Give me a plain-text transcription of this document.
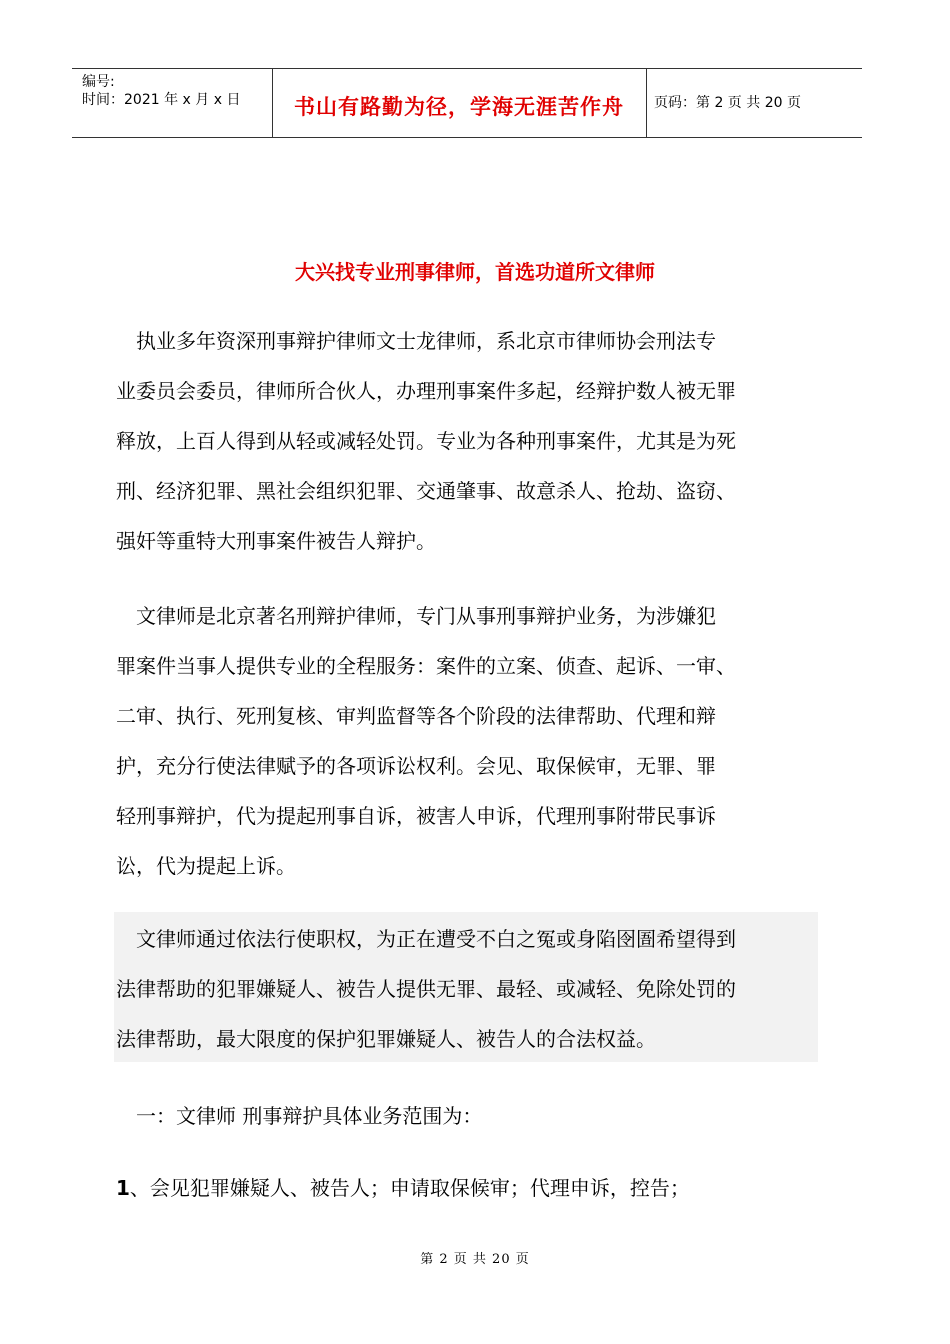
编号:
时间：2021 年 x 月 x 日	书山有路勤为径，学海无涯苦作舟	页码：第 2 页 共 20 页
大兴找专业刑事律师，首选功道所文律师
　执业多年资深刑事辩护律师文士龙律师，系北京市律师协会刑法专
业委员会委员，律师所合伙人，办理刑事案件多起，经辩护数人被无罪
释放，上百人得到从轻或减轻处罚。专业为各种刑事案件，尤其是为死
刑、经济犯罪、黑社会组织犯罪、交通肇事、故意杀人、抢劫、盗窃、
强奸等重特大刑事案件被告人辩护。
　文律师是北京著名刑辩护律师，专门从事刑事辩护业务，为涉嫌犯
罪案件当事人提供专业的全程服务：案件的立案、侦查、起诉、一审、
二审、执行、死刑复核、审判监督等各个阶段的法律帮助、代理和辩
护，充分行使法律赋予的各项诉讼权利。会见、取保候审，无罪、罪
轻刑事辩护，代为提起刑事自诉，被害人申诉，代理刑事附带民事诉
讼，代为提起上诉。
　文律师通过依法行使职权，为正在遭受不白之冤或身陷囹圄希望得到
法律帮助的犯罪嫌疑人、被告人提供无罪、最轻、或减轻、免除处罚的
法律帮助，最大限度的保护犯罪嫌疑人、被告人的合法权益。
　一：文律师 刑事辩护具体业务范围为：
1、会见犯罪嫌疑人、被告人；申请取保候审；代理申诉，控告；
第 2 页 共 20 页
